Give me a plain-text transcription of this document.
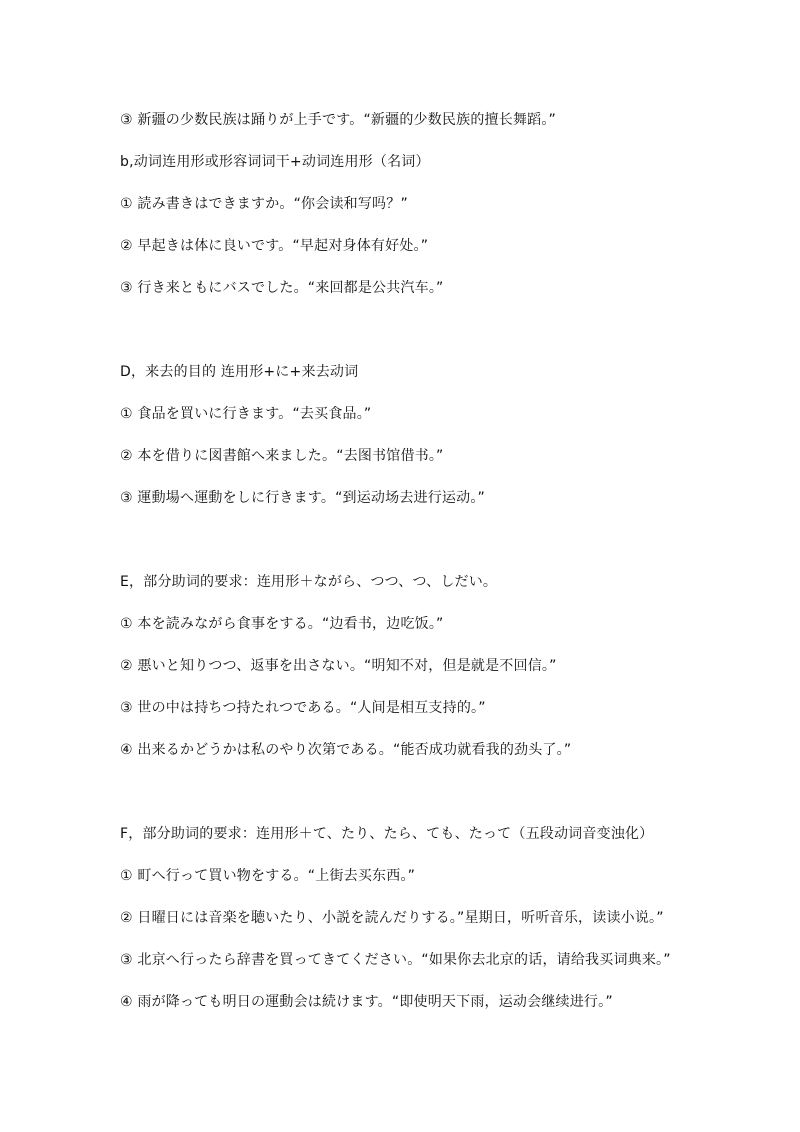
③ 新疆の少数民族は踊りが上手です。“新疆的少数民族的擅长舞蹈。”
b,动词连用形或形容词词干+动词连用形（名词）
① 読み書きはできますか。“你会读和写吗？”
② 早起きは体に良いです。“早起对身体有好处。”
③ 行き来ともにバスでした。“来回都是公共汽车。”
D，来去的目的 连用形+に+来去动词
① 食品を買いに行きます。“去买食品。”
② 本を借りに図書館へ来ました。“去图书馆借书。”
③ 運動場へ運動をしに行きます。“到运动场去进行运动。”
E，部分助词的要求：连用形＋ながら、つつ、つ、しだい。
① 本を読みながら食事をする。“边看书，边吃饭。”
② 悪いと知りつつ、返事を出さない。“明知不对，但是就是不回信。”
③ 世の中は持ちつ持たれつである。“人间是相互支持的。”
④ 出来るかどうかは私のやり次第である。“能否成功就看我的劲头了。”
F，部分助词的要求：连用形＋て、たり、たら、ても、たって（五段动词音变浊化）
① 町へ行って買い物をする。“上街去买东西。”
② 日曜日には音楽を聴いたり、小説を読んだりする。”星期日，听听音乐，读读小说。”
③ 北京へ行ったら辞書を買ってきてください。“如果你去北京的话，请给我买词典来。”
④ 雨が降っても明日の運動会は続けます。“即使明天下雨，运动会继续进行。”
